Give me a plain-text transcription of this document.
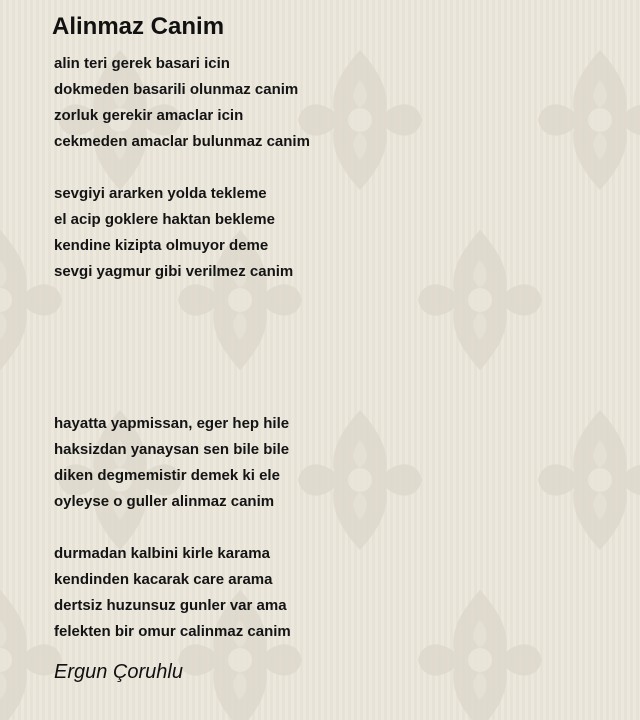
Alinmaz Canim

alin teri gerek basari icin
dokmeden basarili olunmaz canim
zorluk gerekir amaclar icin
cekmeden amaclar bulunmaz canim

sevgiyi ararken yolda tekleme
el acip goklere haktan bekleme
kendine kizipta olmuyor deme
sevgi yagmur gibi verilmez canim

hayatta yapmissan, eger hep hile
haksizdan yanaysan sen bile bile
diken degmemistir demek ki ele
oyleyse o guller alinmaz canim

durmadan kalbini kirle karama
kendinden kacarak care arama
dertsiz huzunsuz gunler var ama
felekten bir omur calinmaz canim

Ergun Çoruhlu
